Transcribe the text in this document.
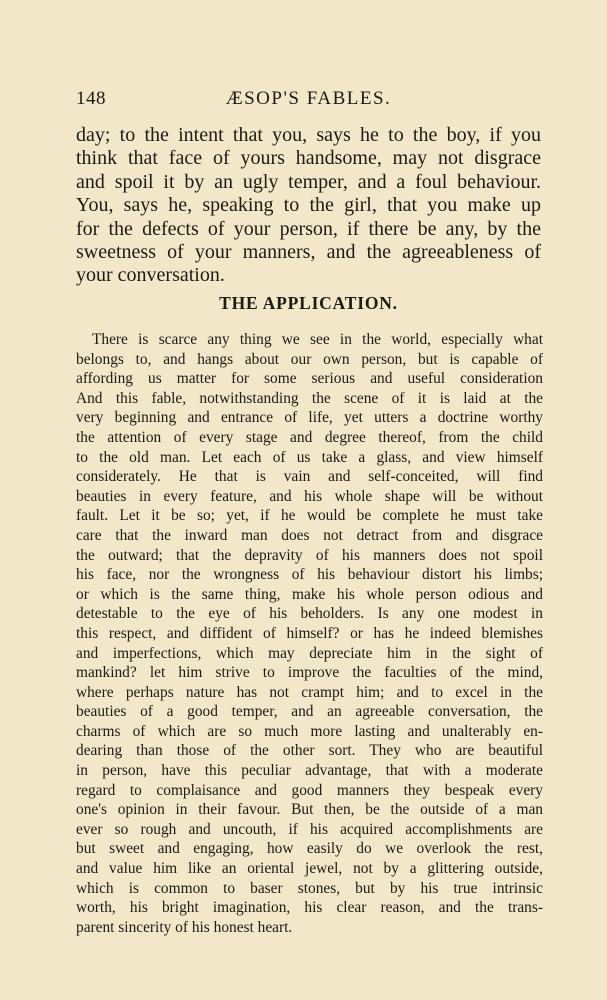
148	ÆSOP'S FABLES.
day; to the intent that you, says he to the boy, if you
think that face of yours handsome, may not disgrace
and spoil it by an ugly temper, and a foul behaviour.
You, says he, speaking to the girl, that you make up
for the defects of your person, if there be any, by the
sweetness of your manners, and the agreeableness of
your conversation.
THE APPLICATION.
There is scarce any thing we see in the world, especially what
belongs to, and hangs about our own person, but is capable of
affording us matter for some serious and useful consideration
And this fable, notwithstanding the scene of it is laid at the
very beginning and entrance of life, yet utters a doctrine worthy
the attention of every stage and degree thereof, from the child
to the old man. Let each of us take a glass, and view himself
considerately. He that is vain and self-conceited, will find
beauties in every feature, and his whole shape will be without
fault. Let it be so; yet, if he would be complete he must take
care that the inward man does not detract from and disgrace
the outward; that the depravity of his manners does not spoil
his face, nor the wrongness of his behaviour distort his limbs;
or which is the same thing, make his whole person odious and
detestable to the eye of his beholders. Is any one modest in
this respect, and diffident of himself? or has he indeed blemishes
and imperfections, which may depreciate him in the sight of
mankind? let him strive to improve the faculties of the mind,
where perhaps nature has not crampt him; and to excel in the
beauties of a good temper, and an agreeable conversation, the
charms of which are so much more lasting and unalterably en-
dearing than those of the other sort. They who are beautiful
in person, have this peculiar advantage, that with a moderate
regard to complaisance and good manners they bespeak every
one's opinion in their favour. But then, be the outside of a man
ever so rough and uncouth, if his acquired accomplishments are
but sweet and engaging, how easily do we overlook the rest,
and value him like an oriental jewel, not by a glittering outside,
which is common to baser stones, but by his true intrinsic
worth, his bright imagination, his clear reason, and the trans-
parent sincerity of his honest heart.
